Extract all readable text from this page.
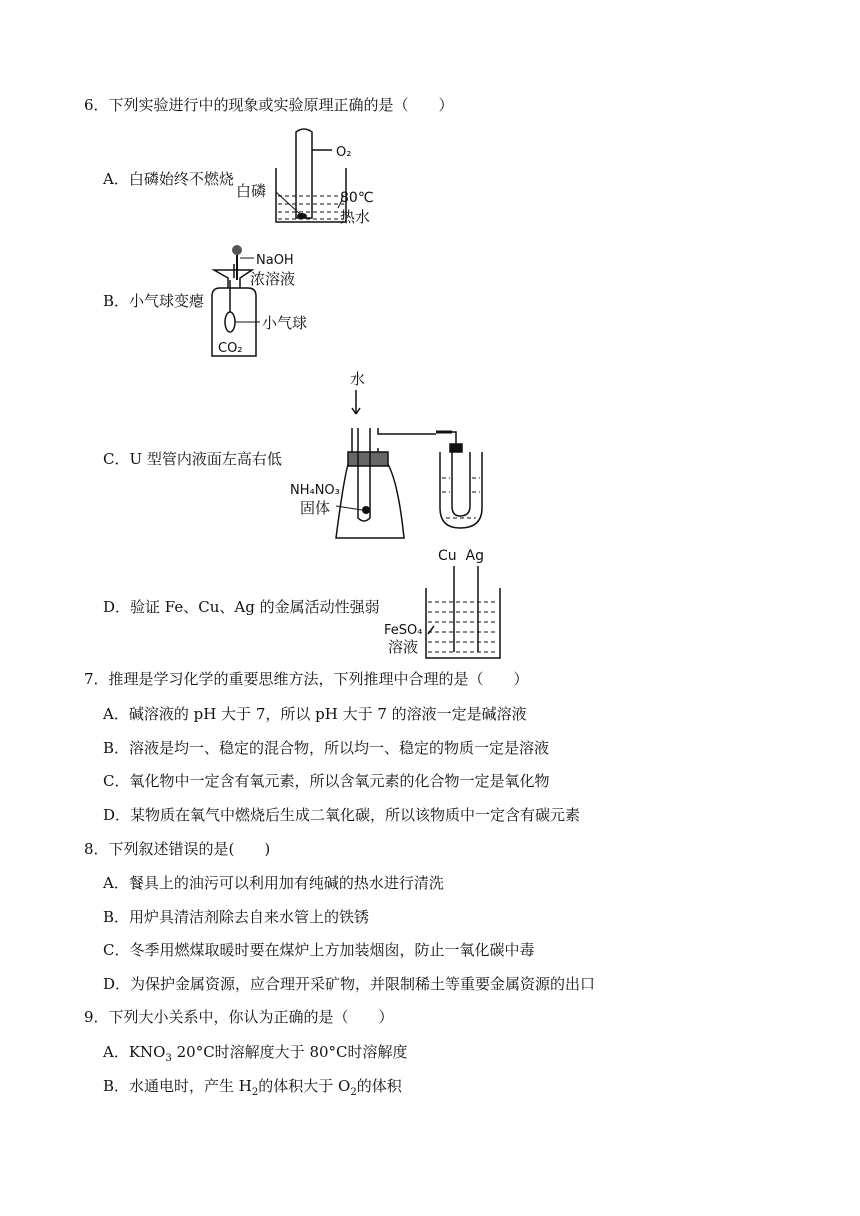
6．下列实验进行中的现象或实验原理正确的是（　　）
A．白磷始终不燃烧
O₂
白磷	80℃
热水
B．小气球变瘪
NaOH
浓溶液
小气球
CO₂
C．U 型管内液面左高右低
水
NH₄NO₃
固体
D．验证 Fe、Cu、Ag 的金属活动性强弱
Cu  Ag
FeSO₄
溶液
7．推理是学习化学的重要思维方法，下列推理中合理的是（　　）
A．碱溶液的 pH 大于 7，所以 pH 大于 7 的溶液一定是碱溶液
B．溶液是均一、稳定的混合物，所以均一、稳定的物质一定是溶液
C．氧化物中一定含有氧元素，所以含氧元素的化合物一定是氧化物
D．某物质在氧气中燃烧后生成二氧化碳，所以该物质中一定含有碳元素
8．下列叙述错误的是(　　)
A．餐具上的油污可以利用加有纯碱的热水进行清洗
B．用炉具清洁剂除去自来水管上的铁锈
C．冬季用燃煤取暖时要在煤炉上方加装烟囱，防止一氧化碳中毒
D．为保护金属资源，应合理开采矿物，并限制稀土等重要金属资源的出口
9．下列大小关系中，你认为正确的是（　　）
A．$KNO_3$ 20°C时溶解度大于 80°C时溶解度
B．水通电时，产生 $H_2$的体积大于 $O_2$的体积
